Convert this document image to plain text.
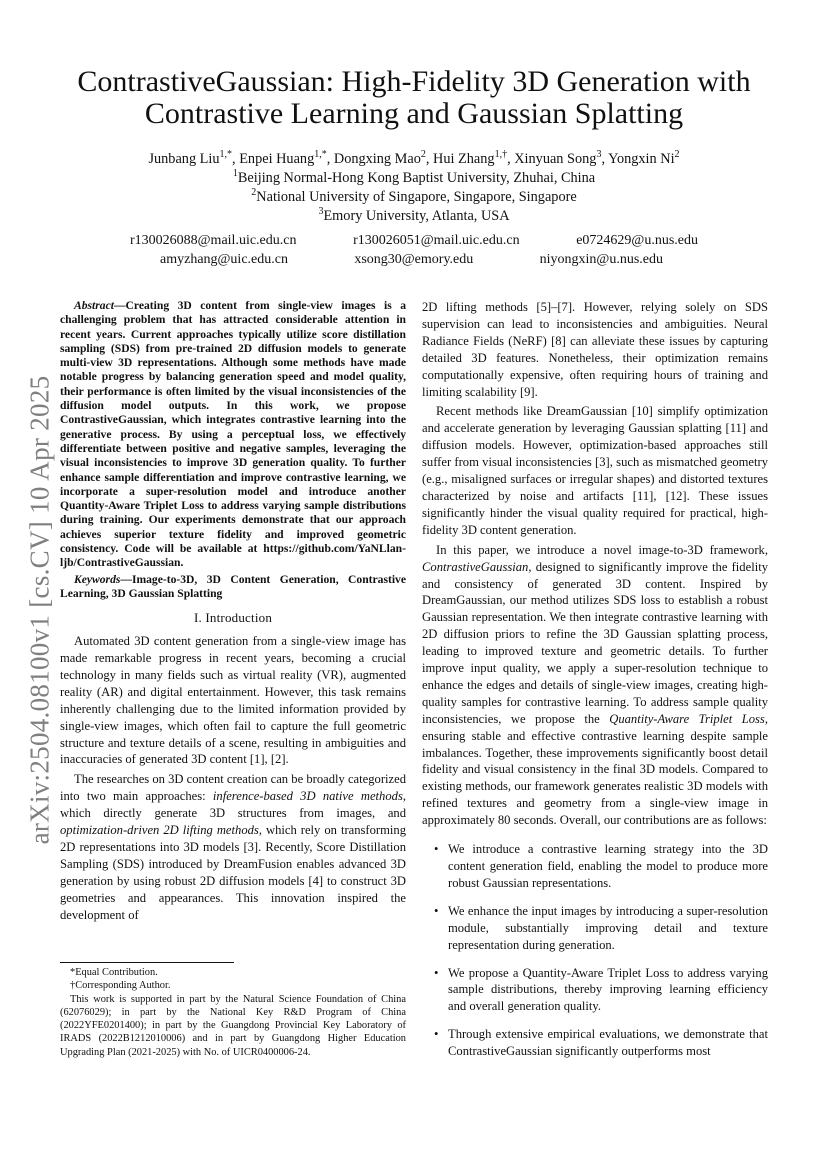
arXiv:2504.08100v1 [cs.CV] 10 Apr 2025
ContrastiveGaussian: High-Fidelity 3D Generation with
Contrastive Learning and Gaussian Splatting
Junbang Liu$^{1,*}$, Enpei Huang$^{1,*}$, Dongxing Mao$^2$, Hui Zhang$^{1,\dagger}$, Xinyuan Song$^3$, Yongxin Ni$^2$
$^1$Beijing Normal-Hong Kong Baptist University, Zhuhai, China
$^2$National University of Singapore, Singapore, Singapore
$^3$Emory University, Atlanta, USA
r130026088@mail.uic.edu.cn	r130026051@mail.uic.edu.cn	e0724629@u.nus.edu
amyzhang@uic.edu.cn	xsong30@emory.edu	niyongxin@u.nus.edu

Abstract—Creating 3D content from single-view images is a challenging problem that has attracted considerable attention in recent years. Current approaches typically utilize score distillation sampling (SDS) from pre-trained 2D diffusion models to generate multi-view 3D representations. Although some methods have made notable progress by balancing generation speed and model quality, their performance is often limited by the visual inconsistencies of the diffusion model outputs. In this work, we propose ContrastiveGaussian, which integrates contrastive learning into the generative process. By using a perceptual loss, we effectively differentiate between positive and negative samples, leveraging the visual inconsistencies to improve 3D generation quality. To further enhance sample differentiation and improve contrastive learning, we incorporate a super-resolution model and introduce another Quantity-Aware Triplet Loss to address varying sample distributions during training. Our experiments demonstrate that our approach achieves superior texture fidelity and improved geometric consistency. Code will be available at https://github.com/YaNLlan-ljb/ContrastiveGaussian.

Keywords—Image-to-3D, 3D Content Generation, Contrastive Learning, 3D Gaussian Splatting

I. Introduction

Automated 3D content generation from a single-view image has made remarkable progress in recent years, becoming a crucial technology in many fields such as virtual reality (VR), augmented reality (AR) and digital entertainment. However, this task remains inherently challenging due to the limited information provided by single-view images, which often fail to capture the full geometric structure and texture details of a scene, resulting in ambiguities and inaccuracies of generated 3D content [1], [2].

The researches on 3D content creation can be broadly categorized into two main approaches: inference-based 3D native methods, which directly generate 3D structures from images, and optimization-driven 2D lifting methods, which rely on transforming 2D representations into 3D models [3]. Recently, Score Distillation Sampling (SDS) introduced by DreamFusion enables advanced 3D generation by using robust 2D diffusion models [4] to construct 3D geometries and appearances. This innovation inspired the development of

*Equal Contribution.

†Corresponding Author.

This work is supported in part by the Natural Science Foundation of China (62076029); in part by the National Key R&D Program of China (2022YFE0201400); in part by the Guangdong Provincial Key Laboratory of IRADS (2022B1212010006) and in part by Guangdong Higher Education Upgrading Plan (2021-2025) with No. of UICR0400006-24.

2D lifting methods [5]–[7]. However, relying solely on SDS supervision can lead to inconsistencies and ambiguities. Neural Radiance Fields (NeRF) [8] can alleviate these issues by capturing detailed 3D features. Nonetheless, their optimization remains computationally expensive, often requiring hours of training and limiting scalability [9].

Recent methods like DreamGaussian [10] simplify optimization and accelerate generation by leveraging Gaussian splatting [11] and diffusion models. However, optimization-based approaches still suffer from visual inconsistencies [3], such as mismatched geometry (e.g., misaligned surfaces or irregular shapes) and distorted textures characterized by noise and artifacts [11], [12]. These issues significantly hinder the visual quality required for practical, high-fidelity 3D content generation.

In this paper, we introduce a novel image-to-3D framework, ContrastiveGaussian, designed to significantly improve the fidelity and consistency of generated 3D content. Inspired by DreamGaussian, our method utilizes SDS loss to establish a robust Gaussian representation. We then integrate contrastive learning with 2D diffusion priors to refine the 3D Gaussian splatting process, leading to improved texture and geometric details. To further improve input quality, we apply a super-resolution technique to enhance the edges and details of single-view images, creating high-quality samples for contrastive learning. To address sample quality inconsistencies, we propose the Quantity-Aware Triplet Loss, ensuring stable and effective contrastive learning despite sample imbalances. Together, these improvements significantly boost detail fidelity and visual consistency in the final 3D models. Compared to existing methods, our framework generates realistic 3D models with refined textures and geometry from a single-view image in approximately 80 seconds. Overall, our contributions are as follows:

• We introduce a contrastive learning strategy into the 3D content generation field, enabling the model to produce more robust Gaussian representations.
• We enhance the input images by introducing a super-resolution module, substantially improving detail and texture representation during generation.
• We propose a Quantity-Aware Triplet Loss to address varying sample distributions, thereby improving learning efficiency and overall generation quality.
• Through extensive empirical evaluations, we demonstrate that ContrastiveGaussian significantly outperforms most
